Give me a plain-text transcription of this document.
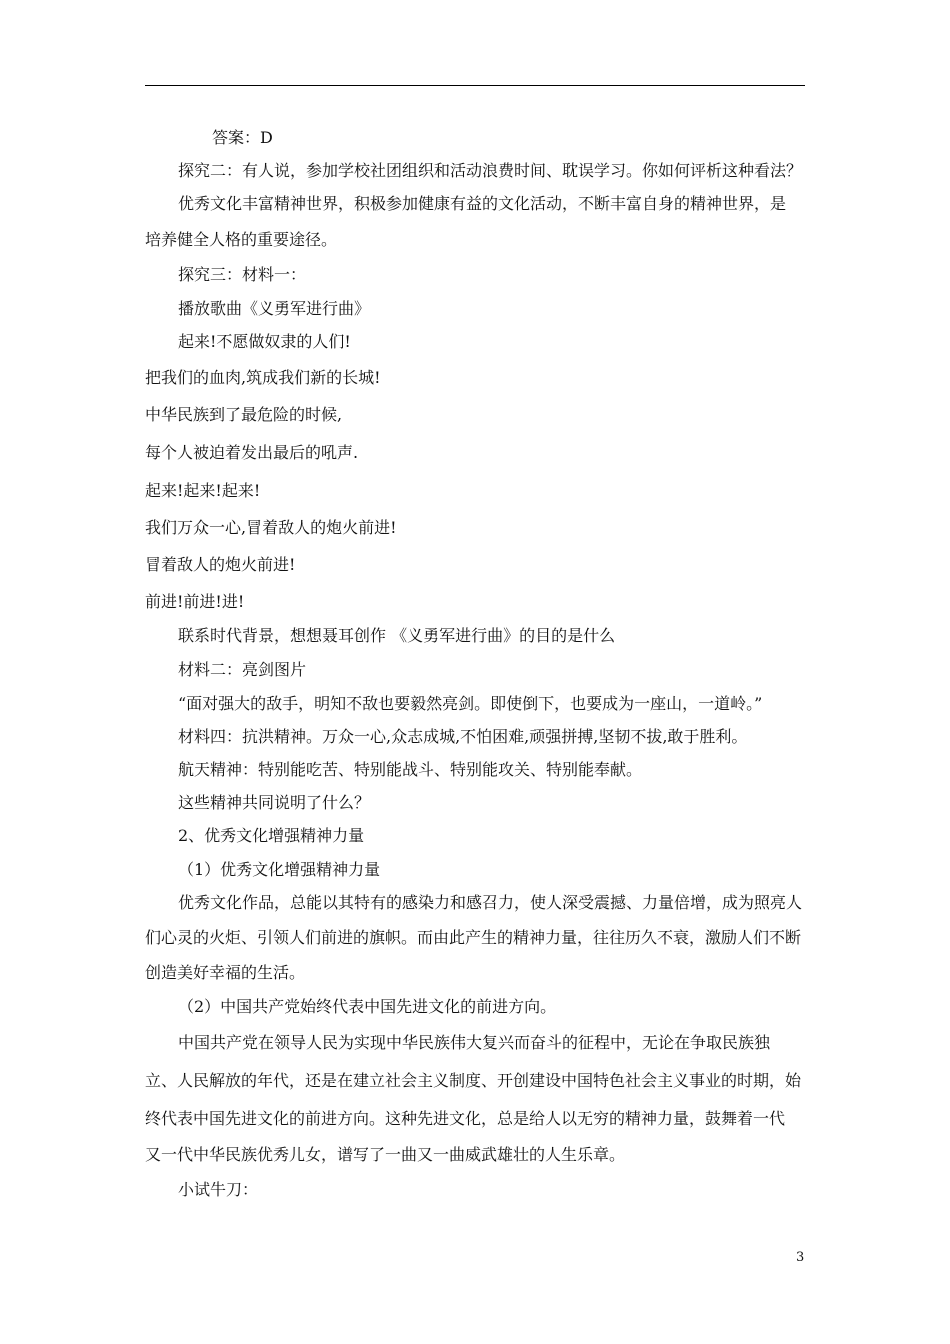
答案：D
探究二：有人说，参加学校社团组织和活动浪费时间、耽误学习。你如何评析这种看法？
优秀文化丰富精神世界，积极参加健康有益的文化活动，不断丰富自身的精神世界，是
培养健全人格的重要途径。
探究三：材料一：
播放歌曲《义勇军进行曲》
起来!不愿做奴隶的人们!
把我们的血肉,筑成我们新的长城!
中华民族到了最危险的时候,
每个人被迫着发出最后的吼声.
起来!起来!起来!
我们万众一心,冒着敌人的炮火前进!
冒着敌人的炮火前进!
前进!前进!进!
联系时代背景，想想聂耳创作 《义勇军进行曲》的目的是什么
材料二：亮剑图片
“面对强大的敌手，明知不敌也要毅然亮剑。即使倒下，也要成为一座山，一道岭。”
材料四：抗洪精神。万众一心,众志成城,不怕困难,顽强拼搏,坚韧不拔,敢于胜利。
航天精神：特别能吃苦、特别能战斗、特别能攻关、特别能奉献。
这些精神共同说明了什么？
2、优秀文化增强精神力量
（1）优秀文化增强精神力量
优秀文化作品，总能以其特有的感染力和感召力，使人深受震撼、力量倍增，成为照亮人
们心灵的火炬、引领人们前进的旗帜。而由此产生的精神力量，往往历久不衰，激励人们不断
创造美好幸福的生活。
（2）中国共产党始终代表中国先进文化的前进方向。
中国共产党在领导人民为实现中华民族伟大复兴而奋斗的征程中，无论在争取民族独
立、人民解放的年代，还是在建立社会主义制度、开创建设中国特色社会主义事业的时期，始
终代表中国先进文化的前进方向。这种先进文化，总是给人以无穷的精神力量，鼓舞着一代
又一代中华民族优秀儿女，谱写了一曲又一曲威武雄壮的人生乐章。
小试牛刀：
3
